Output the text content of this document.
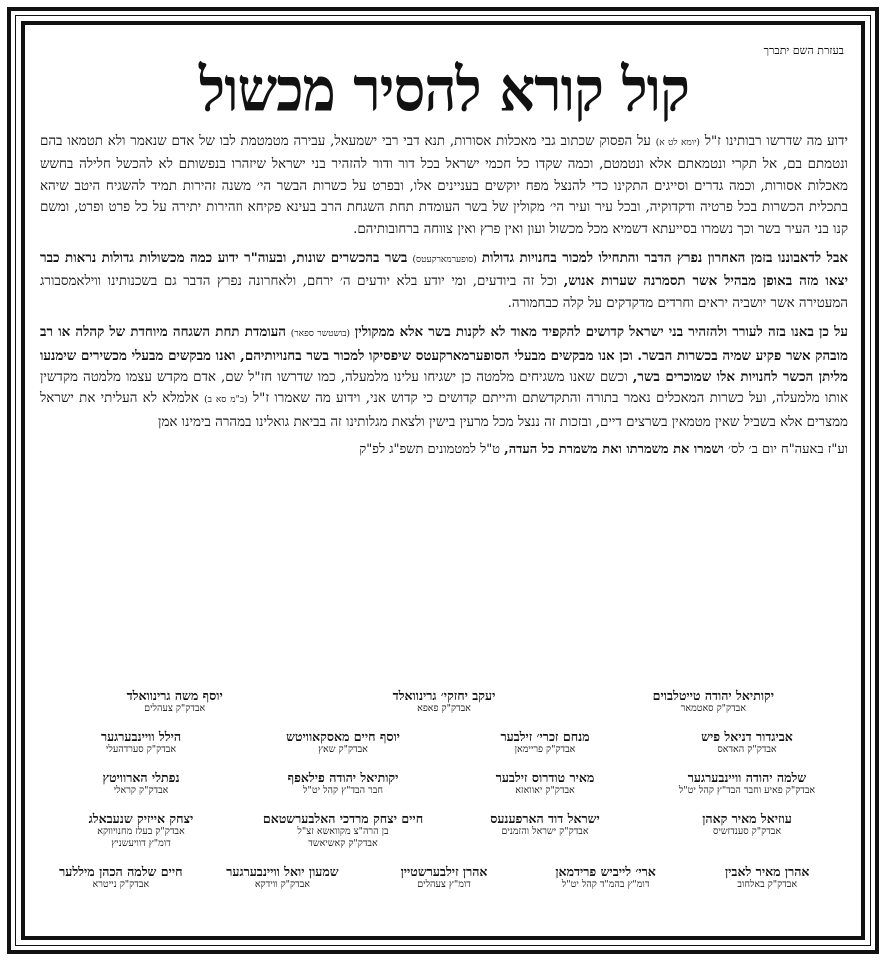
בעזרת השם יתברך
קול קורא להסיר מכשול
ידוע מה שדרשו רבותינו ז"ל (יומא לט א) על הפסוק שכתוב גבי מאכלות אסורות, תנא דבי רבי ישמעאל, עבירה מטמטמת לבו של אדם שנאמר ולא תטמאו בהם ונטמתם בם, אל תקרי ונטמאתם אלא ונטמטם, וכמה שקדו כל חכמי ישראל בכל דור ודור להזהיר בני ישראל שיזהרו בנפשותם לא להכשל חלילה בחשש מאכלות אסורות, וכמה גדרים וסייגים התקינו כדי להנצל מפח יוקשים בעניינים אלו, ובפרט על כשרות הבשר הי׳ משנה זהירות תמיד להשגיח היטב שיהא בתכלית הכשרות בכל פרטיה ודקדוקיה, ובכל עיר ועיר הי׳ מקולין של בשר העומדת תחת השגחת הרב בעינא פקיחא וזהירות יתירה על כל פרט ופרט, ומשם קנו בני העיר בשר וכך נשמרו בסייעתא דשמיא מכל מכשול ועון ואין פרץ ואין צווחה ברחובותיהם.
אבל לדאבוננו בזמן האחרון נפרץ הדבר והתחילו למכור בחנויות גדולות (סופערמארקעטס) בשר בהכשרים שונות, ובעוה"ר ידוע כמה מכשולות גדולות נראות כבר יצאו מזה באופן מבהיל אשר תסמרנה שערות אנוש, וכל זה ביודעים, ומי יודע בלא יודעים ה׳ ירחם, ולאחרונה נפרץ הדבר גם בשכנותינו ווילאמסבורג המעטירה אשר יושביה יראים וחרדים מדקדקים על קלה כבחמורה.
על כן באנו בזה לעורר ולהזהיר בני ישראל קדושים להקפיד מאוד לא לקנות בשר אלא ממקולין (בושטשר ספאר) העומדת תחת השגחה מיוחדת של קהלה או רב מובהק אשר פקיע שמיה בכשרות הבשר. וכן אנו מבקשים מבעלי הסופערמארקעטס שיפסיקו למכור בשר בחנויותיהם, ואנו מבקשים מבעלי מכשירים שימנעו מליתן הכשר לחנויות אלו שמוכרים בשר, וכשם שאנו משגיחים מלמטה כן ישגיחו עלינו מלמעלה, כמו שדרשו חז"ל שם, אדם מקדש עצמו מלמטה מקדשין אותו מלמעלה, ועל כשרות המאכלים נאמר בתורה והתקדשתם והייתם קדושים כי קדוש אני, וידוע מה שאמרו ז"ל (ב"מ סא ב) אלמלא לא העליתי את ישראל ממצרים אלא בשביל שאין מטמאין בשרצים דיים, ובזכות זה ננצל מכל מרעין בישין ולצאת מגלותינו זה בביאת גואלינו במהרה בימינו אמן
וע"ז באעה"ח יום ב׳ לס׳ ושמרו את משמרתו ואת משמרת כל העדה, ט"ל למטמונים תשפ"ג לפ"ק
יקותיאל יהודה טייטלבוים
אבדק"ק סאטמאר
יעקב יחזקי׳ גרינוואלד
אבדק"ק פאפא
יוסף משה גרינוואלד
אבדק"ק צעהלים
אביגדור דניאל פיש
אבדק"ק האדאס
מנחם זכרי׳ זילבער
אבדק"ק פריימאן
יוסף חיים מאסקאוויטש
אבדק"ק שאץ
הילל וויינבערגער
אבדק"ק סערדהעלי
שלמה יהודה וויינבערגער
אבדק"ק פאיע וחבר הבד"ץ קהל יט"ל
מאיר טודרוס זילבער
אבדק"ק יאוואזא
יקותיאל יהודה פילאפף
חבר הבד"ץ קהל יט"ל
נפתלי הארוויטץ
אבדק"ק קראלי
עוזיאל מאיר קאהן
אבדק"ק סענדזשיס
ישראל דוד הארפענעס
אבדק"ק ישראל והזמנים
חיים יצחק מרדכי האלבערשטאם
בן הרה"צ מקוואשא זצ"ל
אבדק"ק קאשיאשד
יצחק אייזיק שנעבאלג
אבדק"ק בעלז מחנויווקא
דומ"ץ דוויעשניץ
אהרן מאיר לאבין
אבדק"ק באלחוב
ארי׳ לייביש פרידמאן
דומ"ץ בהמ"ד קהל יט"ל
אהרן זילבערשטיין
דומ"ץ צעהלים
שמעון יואל וויינבערגער
אבדק"ק ווידקא
חיים שלמה הכהן מיללער
אבדק"ק נייטרא
